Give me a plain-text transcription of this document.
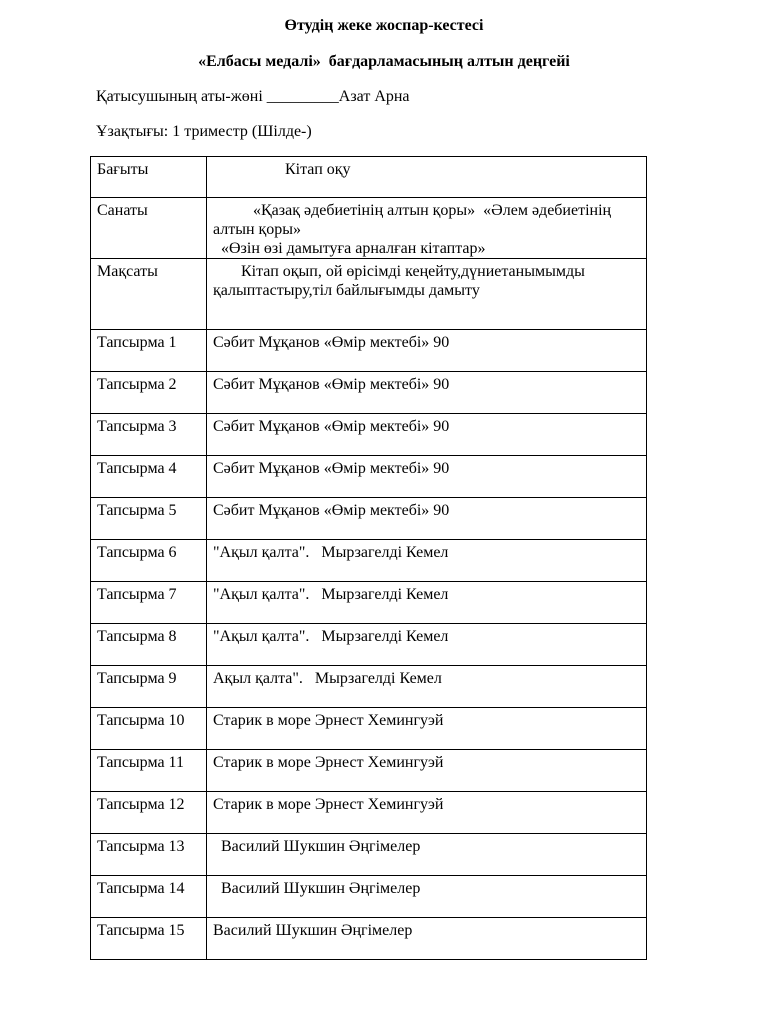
Өтудің жеке жоспар-кестесі
«Елбасы медалі»  бағдарламасының алтын деңгейі
Қатысушының аты-жөні _________Азат Арна
Ұзақтығы: 1 триместр (Шілде-)
Бағыты	Кітап оқу
Санаты	«Қазақ әдебиетінің алтын қоры»  «Әлем әдебиетінің алтын қоры»
«Өзін өзі дамытуға арналған кітаптар»
Мақсаты	Кітап оқып, ой өрісімді кеңейту,дүниетанымымды қалыптастыру,тіл байлығымды дамыту
Тапсырма 1	Сәбит Мұқанов «Өмір мектебі» 90
Тапсырма 2	Сәбит Мұқанов «Өмір мектебі» 90
Тапсырма 3	Сәбит Мұқанов «Өмір мектебі» 90
Тапсырма 4	Сәбит Мұқанов «Өмір мектебі» 90
Тапсырма 5	Сәбит Мұқанов «Өмір мектебі» 90
Тапсырма 6	"Ақыл қалта".   Мырзагелді Кемел
Тапсырма 7	"Ақыл қалта".   Мырзагелді Кемел
Тапсырма 8	"Ақыл қалта".   Мырзагелді Кемел
Тапсырма 9	Ақыл қалта".   Мырзагелді Кемел
Тапсырма 10	Старик в море Эрнест Хемингуэй
Тапсырма 11	Старик в море Эрнест Хемингуэй
Тапсырма 12	Старик в море Эрнест Хемингуэй
Тапсырма 13	Василий Шукшин Әңгімелер
Тапсырма 14	Василий Шукшин Әңгімелер
Тапсырма 15	Василий Шукшин Әңгімелер
